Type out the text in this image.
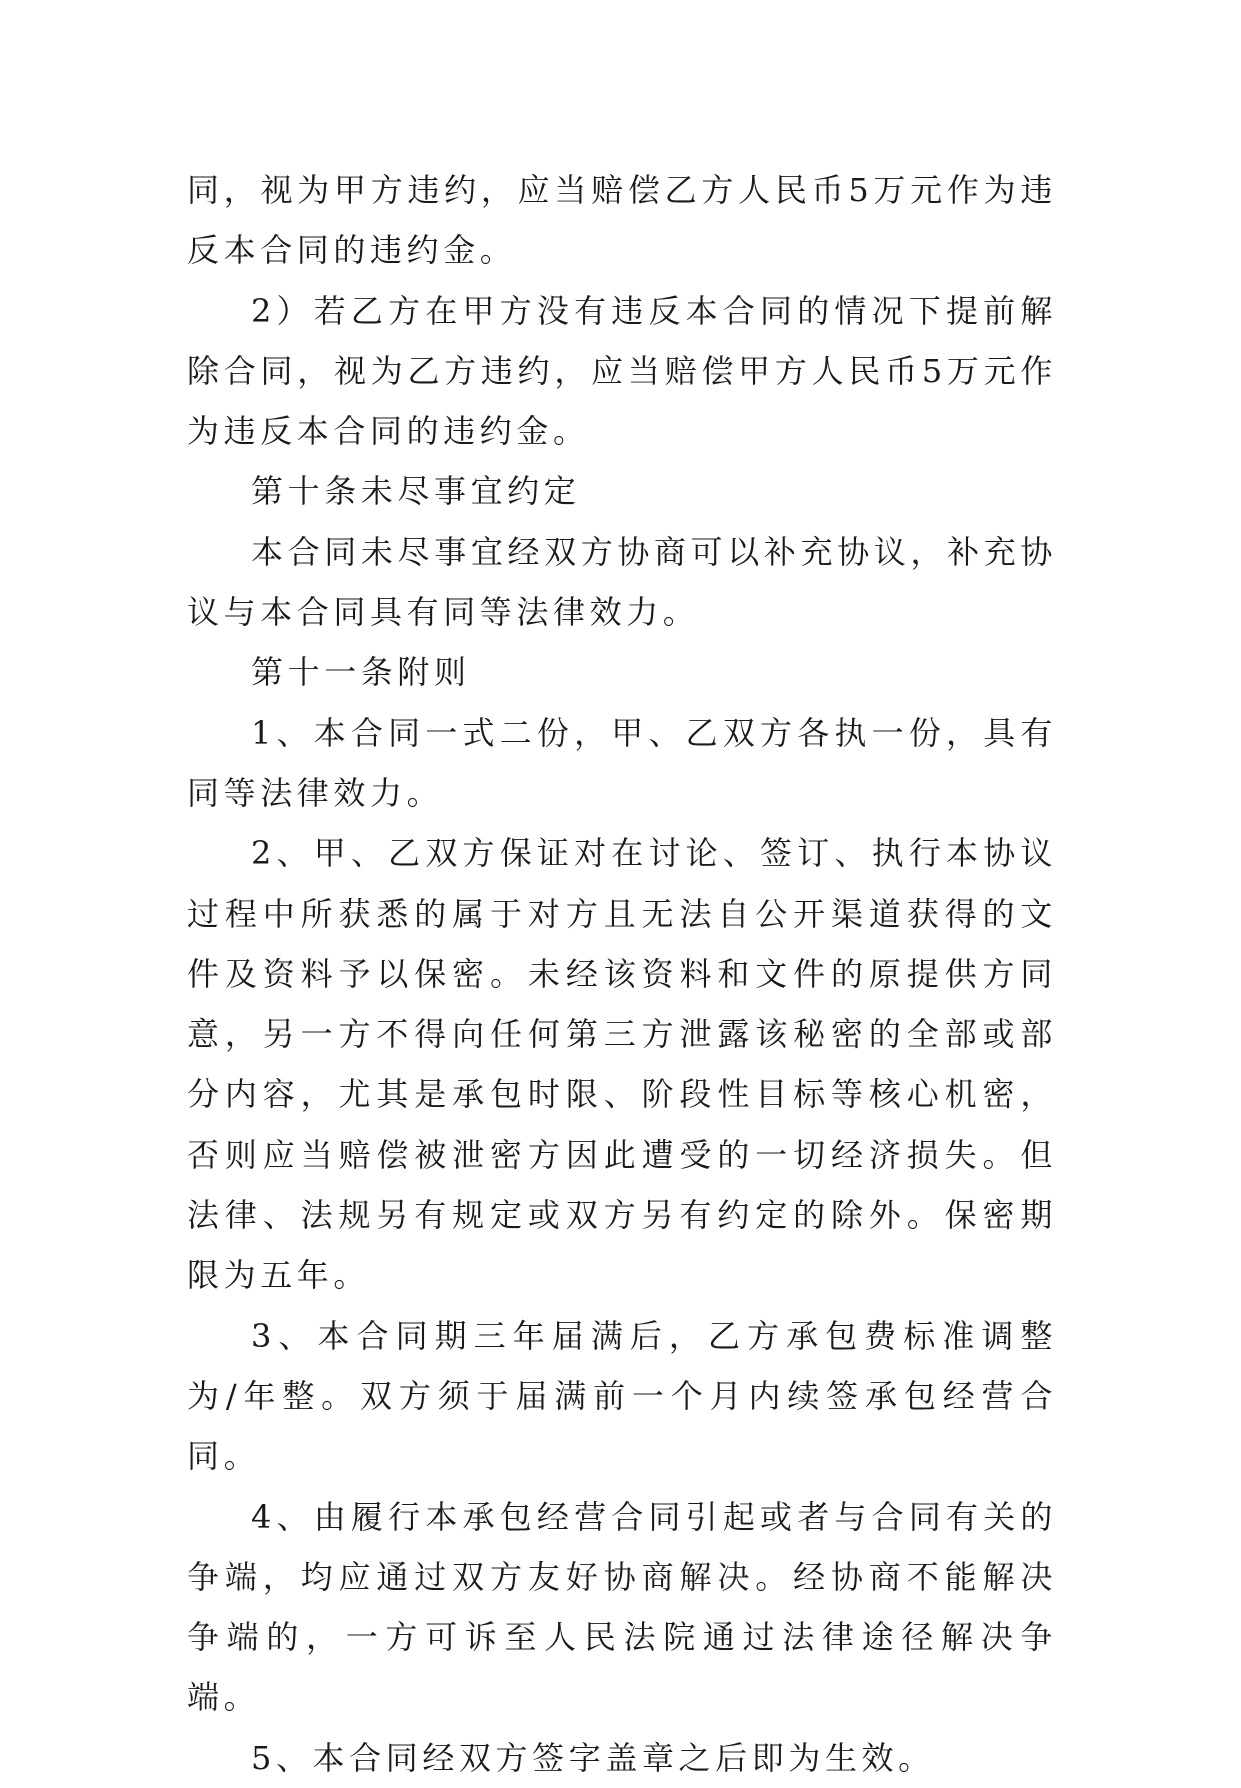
同，视为甲方违约，应当赔偿乙方人民币5万元作为违反本合同的违约金。

2）若乙方在甲方没有违反本合同的情况下提前解除合同，视为乙方违约，应当赔偿甲方人民币5万元作为违反本合同的违约金。

第十条未尽事宜约定

本合同未尽事宜经双方协商可以补充协议，补充协议与本合同具有同等法律效力。

第十一条附则

1、本合同一式二份，甲、乙双方各执一份，具有同等法律效力。

2、甲、乙双方保证对在讨论、签订、执行本协议过程中所获悉的属于对方且无法自公开渠道获得的文件及资料予以保密。未经该资料和文件的原提供方同意，另一方不得向任何第三方泄露该秘密的全部或部分内容，尤其是承包时限、阶段性目标等核心机密，否则应当赔偿被泄密方因此遭受的一切经济损失。但法律、法规另有规定或双方另有约定的除外。保密期限为五年。

3、本合同期三年届满后，乙方承包费标准调整为/年整。双方须于届满前一个月内续签承包经营合同。

4、由履行本承包经营合同引起或者与合同有关的争端，均应通过双方友好协商解决。经协商不能解决争端的，一方可诉至人民法院通过法律途径解决争端。

5、本合同经双方签字盖章之后即为生效。
